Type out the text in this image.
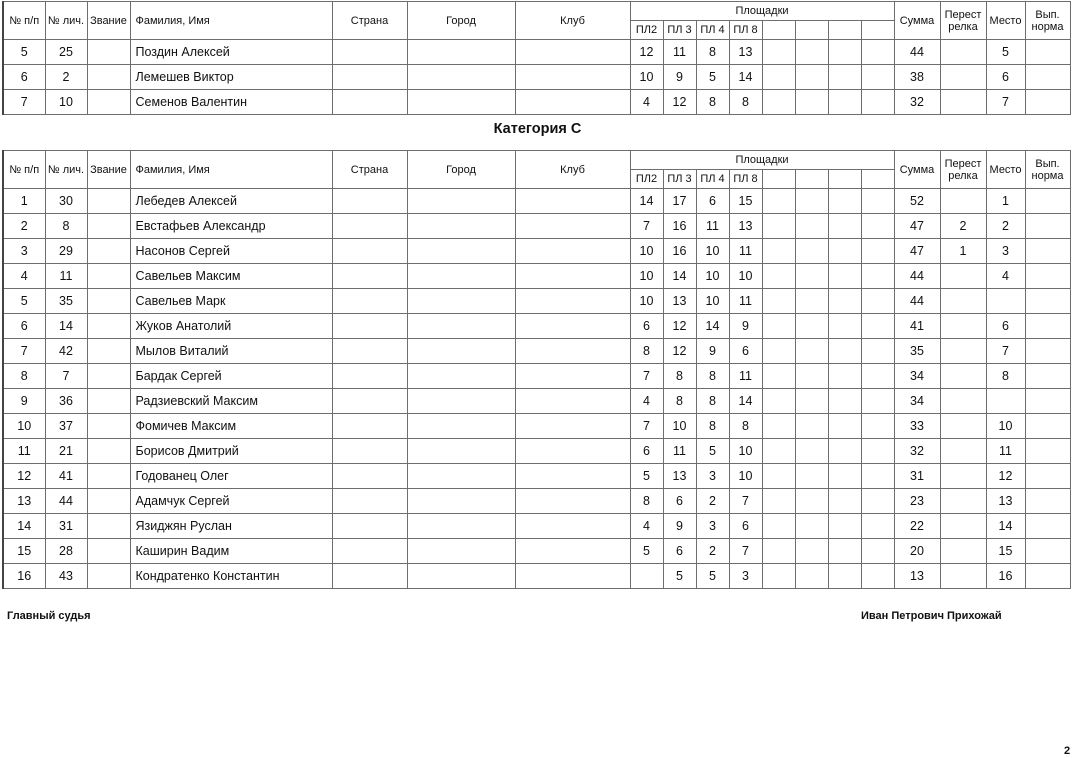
№ п/п	№ лич.	Звание	Фамилия, Имя	Страна	Город	Клуб	Площадки								Сумма	Перест релка	Место	Вып. норма
							ПЛ2	ПЛ 3	ПЛ 4	ПЛ 8								
5	25		Поздин Алексей				12	11	8	13					44		5	
6	2		Лемешев Виктор				10	9	5	14					38		6	
7	10		Семенов Валентин				4	12	8	8					32		7	
Категория С
№ п/п	№ лич.	Звание	Фамилия, Имя	Страна	Город	Клуб	Площадки								Сумма	Перест релка	Место	Вып. норма
							ПЛ2	ПЛ 3	ПЛ 4	ПЛ 8								
1	30		Лебедев Алексей				14	17	6	15					52		1	
2	8		Евстафьев Александр				7	16	11	13					47	2	2	
3	29		Насонов Сергей				10	16	10	11					47	1	3	
4	11		Савельев Максим				10	14	10	10					44		4	
5	35		Савельев Марк				10	13	10	11					44			
6	14		Жуков Анатолий				6	12	14	9					41		6	
7	42		Мылов Виталий				8	12	9	6					35		7	
8	7		Бардак Сергей				7	8	8	11					34		8	
9	36		Радзиевский Максим				4	8	8	14					34			
10	37		Фомичев Максим				7	10	8	8					33		10	
11	21		Борисов Дмитрий				6	11	5	10					32		11	
12	41		Годованец Олег				5	13	3	10					31		12	
13	44		Адамчук Сергей				8	6	2	7					23		13	
14	31		Язиджян Руслан				4	9	3	6					22		14	
15	28		Каширин Вадим				5	6	2	7					20		15	
16	43		Кондратенко Константин					5	5	3					13		16	
Главный судья	Иван Петрович Прихожай
2
